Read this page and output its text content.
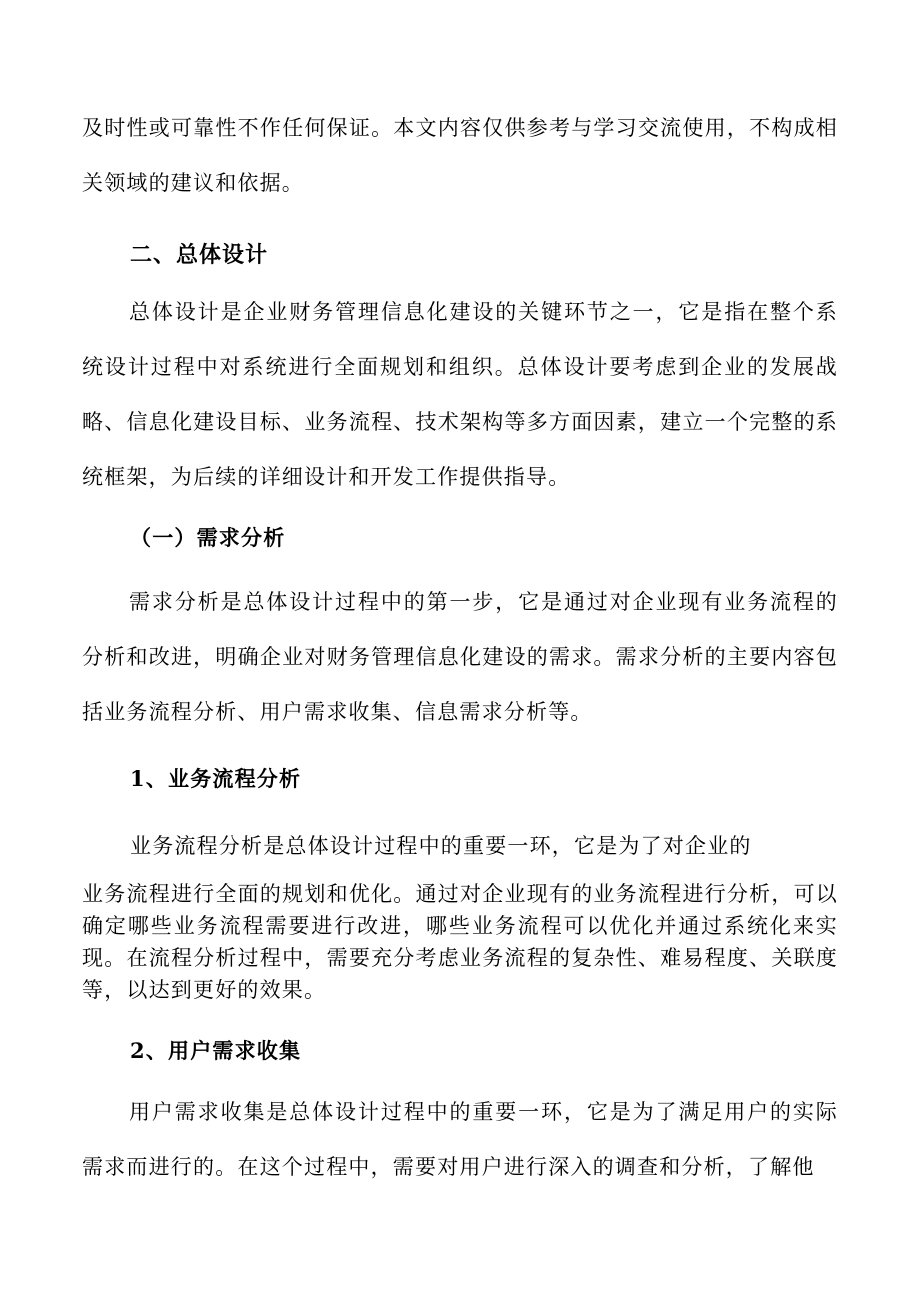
及时性或可靠性不作任何保证。本文内容仅供参考与学习交流使用，不构成相关领域的建议和依据。

二、总体设计

总体设计是企业财务管理信息化建设的关键环节之一，它是指在整个系统设计过程中对系统进行全面规划和组织。总体设计要考虑到企业的发展战略、信息化建设目标、业务流程、技术架构等多方面因素，建立一个完整的系统框架，为后续的详细设计和开发工作提供指导。

（一）需求分析

需求分析是总体设计过程中的第一步，它是通过对企业现有业务流程的分析和改进，明确企业对财务管理信息化建设的需求。需求分析的主要内容包括业务流程分析、用户需求收集、信息需求分析等。

1、业务流程分析

业务流程分析是总体设计过程中的重要一环，它是为了对企业的

业务流程进行全面的规划和优化。通过对企业现有的业务流程进行分析，可以确定哪些业务流程需要进行改进，哪些业务流程可以优化并通过系统化来实现。在流程分析过程中，需要充分考虑业务流程的复杂性、难易程度、关联度等，以达到更好的效果。

2、用户需求收集

用户需求收集是总体设计过程中的重要一环，它是为了满足用户的实际需求而进行的。在这个过程中，需要对用户进行深入的调查和分析，了解他
